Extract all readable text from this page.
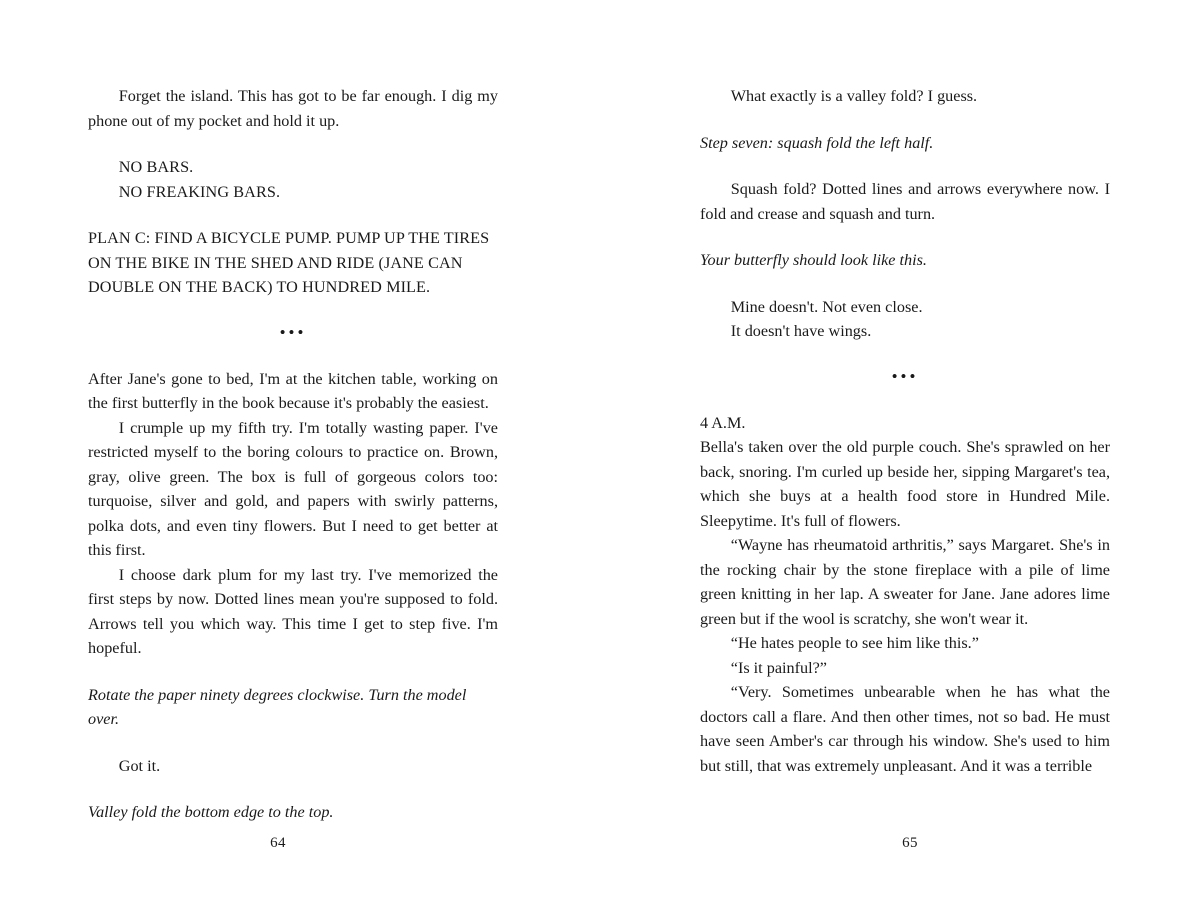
Forget the island. This has got to be far enough. I dig my phone out of my pocket and hold it up.

NO BARS.

NO FREAKING BARS.

PLAN C: FIND A BICYCLE PUMP. PUMP UP THE TIRES ON THE BIKE IN THE SHED AND RIDE (JANE CAN DOUBLE ON THE BACK) TO HUNDRED MILE.

•••

After Jane's gone to bed, I'm at the kitchen table, working on the first butterfly in the book because it's probably the easiest.

I crumple up my fifth try. I'm totally wasting paper. I've restricted myself to the boring colours to practice on. Brown, gray, olive green. The box is full of gorgeous colors too: turquoise, silver and gold, and papers with swirly patterns, polka dots, and even tiny flowers. But I need to get better at this first.

I choose dark plum for my last try. I've memorized the first steps by now. Dotted lines mean you're supposed to fold. Arrows tell you which way. This time I get to step five. I'm hopeful.

Rotate the paper ninety degrees clockwise. Turn the model over.

Got it.

Valley fold the bottom edge to the top.

64

What exactly is a valley fold? I guess.

Step seven: squash fold the left half.

Squash fold? Dotted lines and arrows everywhere now. I fold and crease and squash and turn.

Your butterfly should look like this.

Mine doesn't. Not even close.

It doesn't have wings.

•••

4 A.M.

Bella's taken over the old purple couch. She's sprawled on her back, snoring. I'm curled up beside her, sipping Margaret's tea, which she buys at a health food store in Hundred Mile. Sleepytime. It's full of flowers.

“Wayne has rheumatoid arthritis,” says Margaret. She's in the rocking chair by the stone fireplace with a pile of lime green knitting in her lap. A sweater for Jane. Jane adores lime green but if the wool is scratchy, she won't wear it.

“He hates people to see him like this.”

“Is it painful?”

“Very. Sometimes unbearable when he has what the doctors call a flare. And then other times, not so bad. He must have seen Amber's car through his window. She's used to him but still, that was extremely unpleasant. And it was a terrible

65
